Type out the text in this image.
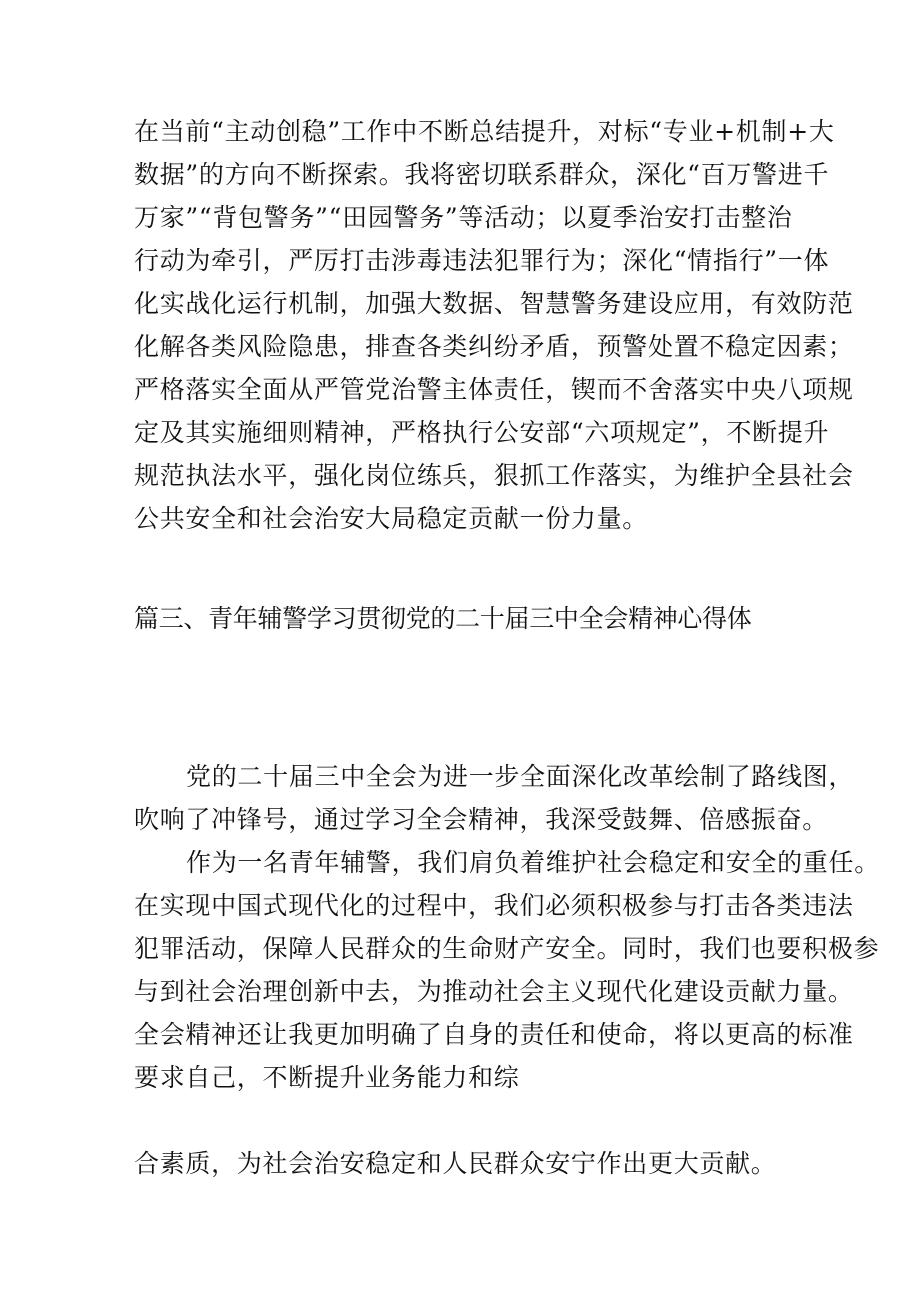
在当前“主动创稳”工作中不断总结提升，对标“专业+机制+大
数据”的方向不断探索。我将密切联系群众，深化“百万警进千
万家”“背包警务”“田园警务”等活动；以夏季治安打击整治
行动为牵引，严厉打击涉毒违法犯罪行为；深化“情指行”一体
化实战化运行机制，加强大数据、智慧警务建设应用，有效防范
化解各类风险隐患，排查各类纠纷矛盾，预警处置不稳定因素；
严格落实全面从严管党治警主体责任，锲而不舍落实中央八项规
定及其实施细则精神，严格执行公安部“六项规定”，不断提升
规范执法水平，强化岗位练兵，狠抓工作落实，为维护全县社会
公共安全和社会治安大局稳定贡献一份力量。
篇三、青年辅警学习贯彻党的二十届三中全会精神心得体
党的二十届三中全会为进一步全面深化改革绘制了路线图，
吹响了冲锋号，通过学习全会精神，我深受鼓舞、倍感振奋。
作为一名青年辅警，我们肩负着维护社会稳定和安全的重任。
在实现中国式现代化的过程中，我们必须积极参与打击各类违法
犯罪活动，保障人民群众的生命财产安全。同时，我们也要积极参
与到社会治理创新中去，为推动社会主义现代化建设贡献力量。
全会精神还让我更加明确了自身的责任和使命，将以更高的标准
要求自己，不断提升业务能力和综
合素质，为社会治安稳定和人民群众安宁作出更大贡献。
